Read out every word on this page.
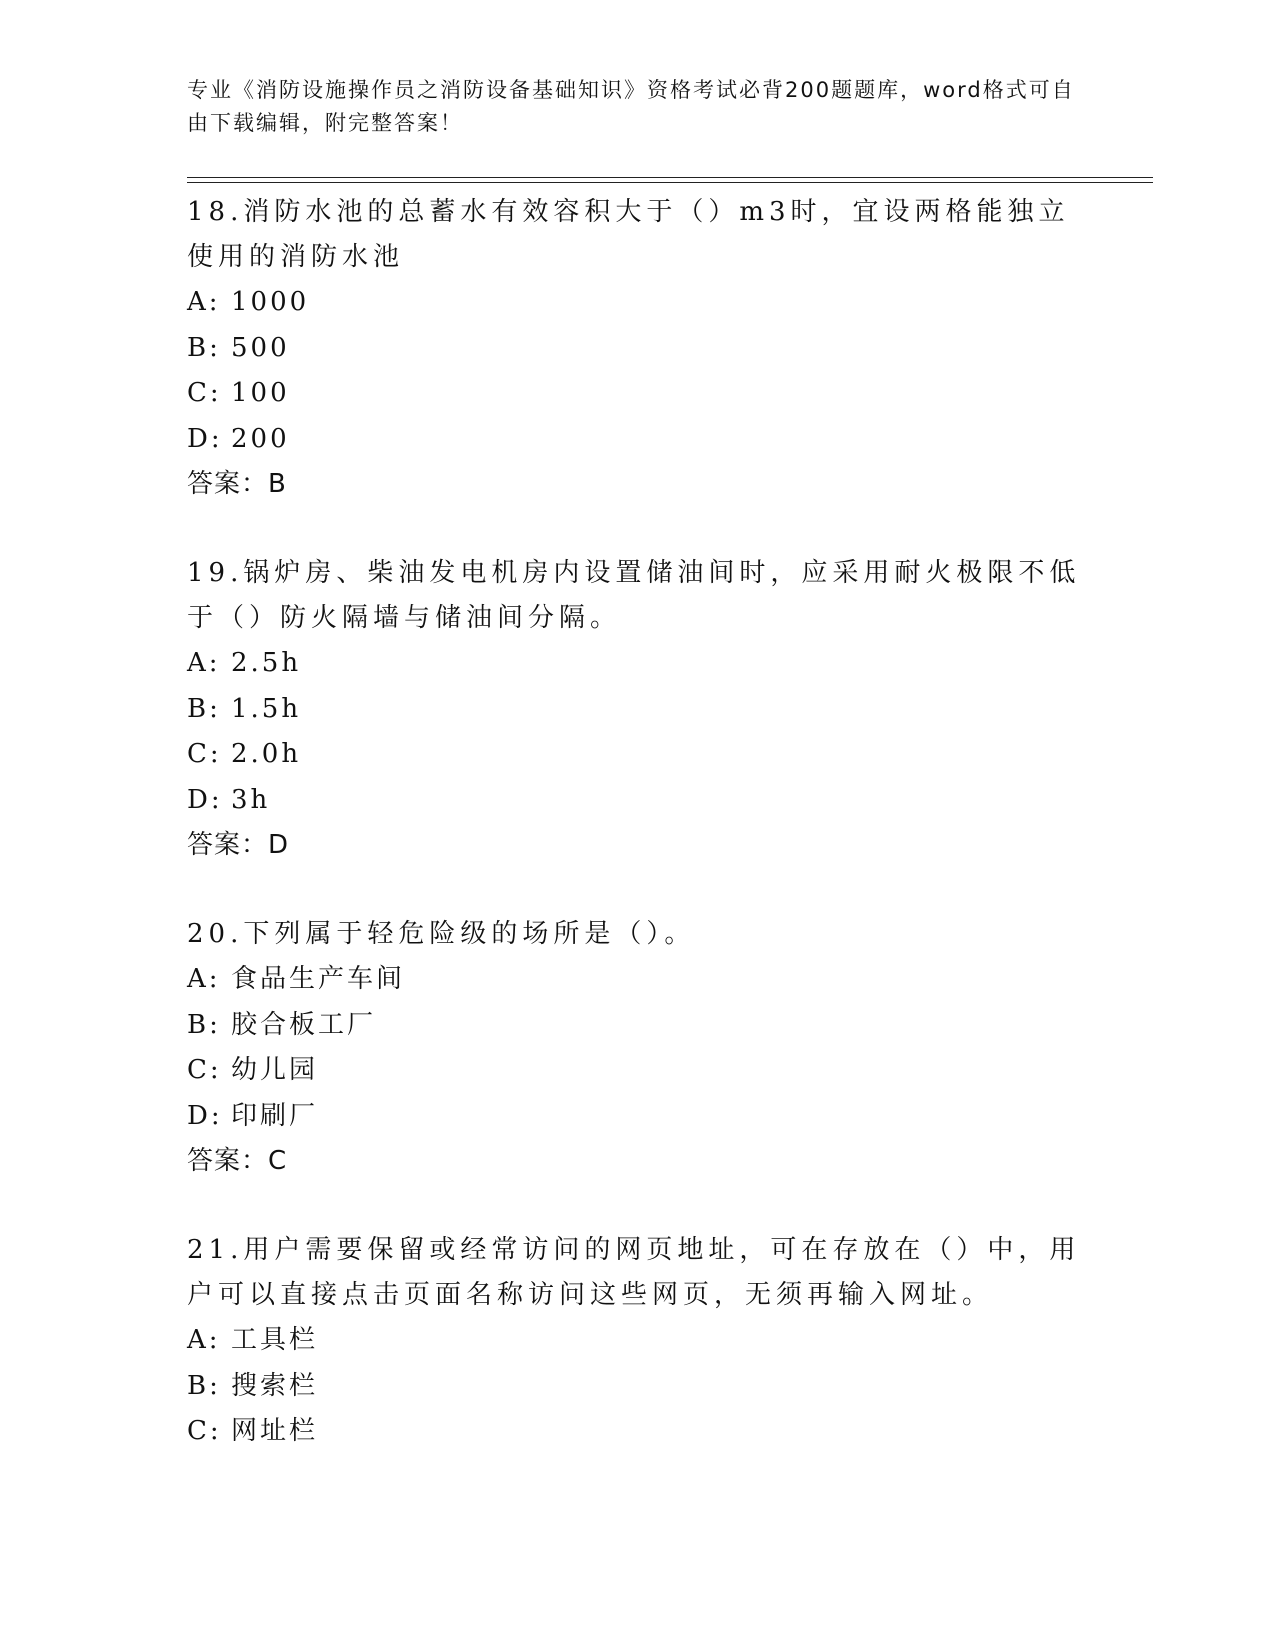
专业《消防设施操作员之消防设备基础知识》资格考试必背200题题库，word格式可自由下载编辑，附完整答案！
18.消防水池的总蓄水有效容积大于（）m3时，宜设两格能独立使用的消防水池
A: 1000
B: 500
C: 100
D: 200
答案：B
19.锅炉房、柴油发电机房内设置储油间时，应采用耐火极限不低于（）防火隔墙与储油间分隔。
A: 2.5h
B: 1.5h
C: 2.0h
D: 3h
答案：D
20.下列属于轻危险级的场所是（）。
A: 食品生产车间
B: 胶合板工厂
C: 幼儿园
D: 印刷厂
答案：C
21.用户需要保留或经常访问的网页地址，可在存放在（）中，用户可以直接点击页面名称访问这些网页，无须再输入网址。
A: 工具栏
B: 搜索栏
C: 网址栏
